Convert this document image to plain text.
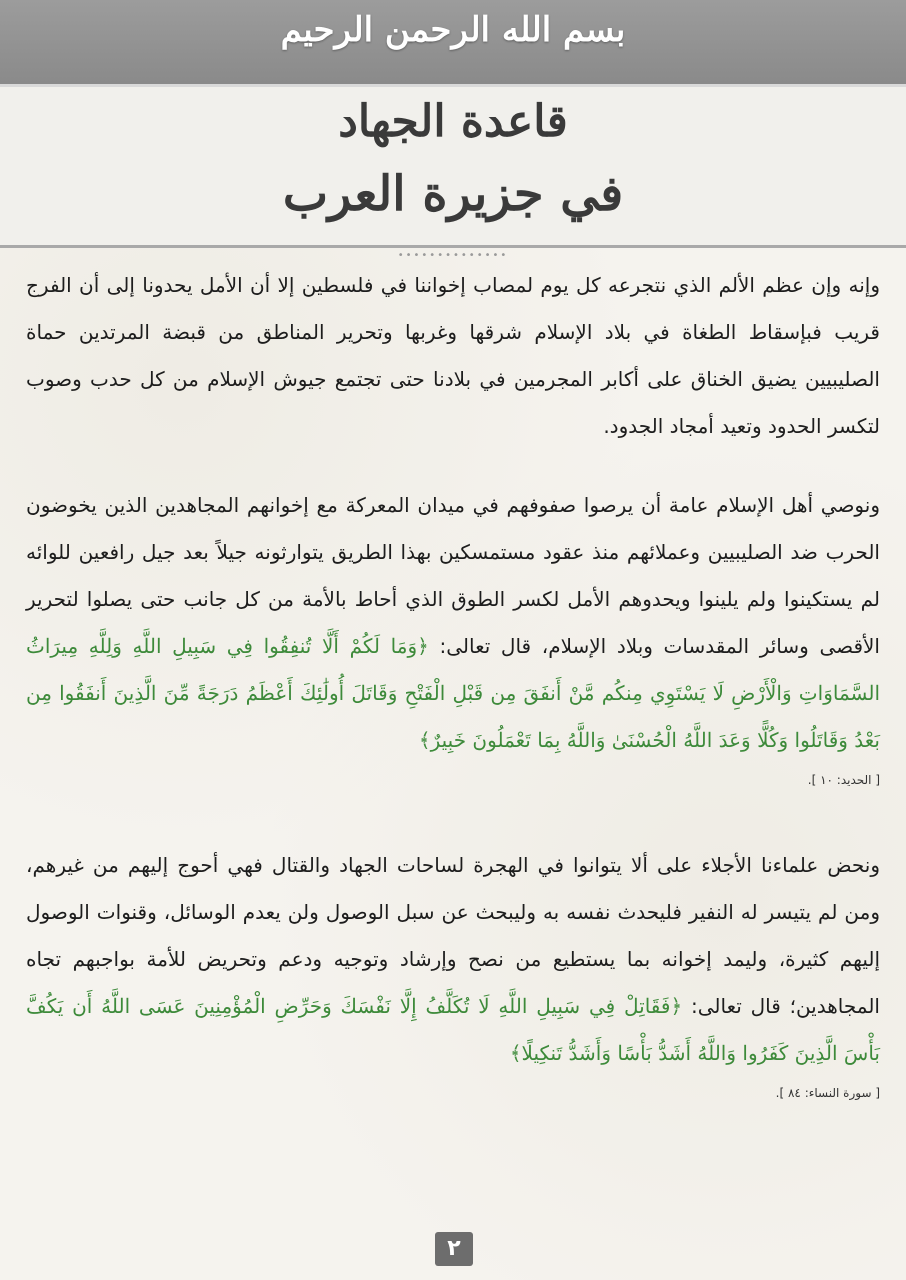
بسم الله الرحمن الرحيم
قاعدة الجهاد
في جزيرة العرب
••••••••••••••

وإنه وإن عظم الألم الذي نتجرعه كل يوم لمصاب إخواننا في فلسطين إلا أن الأمل يحدونا إلى أن الفرج قريب فبإسقاط الطغاة في بلاد الإسلام شرقها وغربها وتحرير المناطق من قبضة المرتدين حماة الصليبيين يضيق الخناق على أكابر المجرمين في بلادنا حتى تجتمع جيوش الإسلام من كل حدب وصوب لتكسر الحدود وتعيد أمجاد الجدود.

ونوصي أهل الإسلام عامة أن يرصوا صفوفهم في ميدان المعركة مع إخوانهم المجاهدين الذين يخوضون الحرب ضد الصليبيين وعملائهم منذ عقود مستمسكين بهذا الطريق يتوارثونه جيلاً بعد جيل رافعين للوائه لم يستكينوا ولم يلينوا ويحدوهم الأمل لكسر الطوق الذي أحاط بالأمة من كل جانب حتى يصلوا لتحرير الأقصى وسائر المقدسات وبلاد الإسلام، قال تعالى: ﴿وَمَا لَكُمْ أَلَّا تُنفِقُوا فِي سَبِيلِ اللَّهِ وَلِلَّهِ مِيرَاثُ السَّمَاوَاتِ وَالْأَرْضِ لَا يَسْتَوِي مِنكُم مَّنْ أَنفَقَ مِن قَبْلِ الْفَتْحِ وَقَاتَلَ أُولَٰئِكَ أَعْظَمُ دَرَجَةً مِّنَ الَّذِينَ أَنفَقُوا مِن بَعْدُ وَقَاتَلُوا وَكُلًّا وَعَدَ اللَّهُ الْحُسْنَىٰ وَاللَّهُ بِمَا تَعْمَلُونَ خَبِيرٌ﴾

[ الحديد: ١٠ ].

ونحض علماءنا الأجلاء على ألا يتوانوا في الهجرة لساحات الجهاد والقتال فهي أحوج إليهم من غيرهم، ومن لم يتيسر له النفير فليحدث نفسه به وليبحث عن سبل الوصول ولن يعدم الوسائل، وقنوات الوصول إليهم كثيرة، وليمد إخوانه بما يستطيع من نصح وإرشاد وتوجيه ودعم وتحريض للأمة بواجبهم تجاه المجاهدين؛ قال تعالى: ﴿فَقَاتِلْ فِي سَبِيلِ اللَّهِ لَا تُكَلَّفُ إِلَّا نَفْسَكَ وَحَرِّضِ الْمُؤْمِنِينَ عَسَى اللَّهُ أَن يَكُفَّ بَأْسَ الَّذِينَ كَفَرُوا وَاللَّهُ أَشَدُّ بَأْسًا وَأَشَدُّ تَنكِيلًا﴾

[ سورة النساء: ٨٤ ].

٢
